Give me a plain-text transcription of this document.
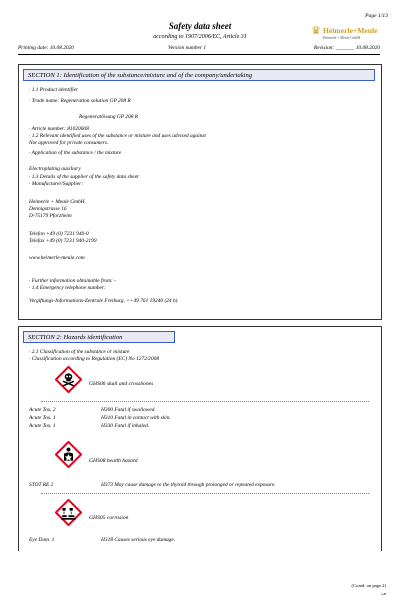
Page 1/13
Safety data sheet
according to 1907/2006/EC, Article 31	♛ Heimerle+Meule
Heimerle + Meule GmbH
Printing date: 10.08.2020	Version number 1	Revision: _______ 10.08.2020
SECTION 1: Identification of the substance/mixture and of the company/undertaking
· 1.1 Product identifier
· Trade name: Regeneration solution GP 208 R
Regeneratlösung GP 208 R
· Article number: 81020608
· 1.2 Relevant identified uses of the substance or mixture and uses advised against
Not approved for private consumers.
· Application of the substance / the mixture
Electroplating auxiliary
· 1.3 Details of the supplier of the safety data sheet
· Manufacturer/Supplier:
Heimerle + Meule GmbH
Dennigstrasse 16
D-75179 Pforzheim
Telefon +49 (0) 7231 940-0
Telefax +49 (0) 7231 940-2199
www.heimerle-meule.com
· Further information obtainable from: -
· 1.4 Emergency telephone number:
Vergiftungs-Informations-Zentrale Freiburg, ++49 761 19240 (24 h)
SECTION 2: Hazards identification
· 2.1 Classification of the substance or mixture
· Classification according to Regulation (EC) No 1272/2008
GHS06 skull and crossbones
Acute Tox. 2	H300 Fatal if swallowed.
Acute Tox. 1	H310 Fatal in contact with skin.
Acute Tox. 1	H330 Fatal if inhaled.
GHS08 health hazard
STOT RE 2	H373 May cause damage to the thyroid through prolonged or repeated exposure.
GHS05 corrosion
Eye Dam. 1	H318 Causes serious eye damage.
(Contd. on page 2)
GB
